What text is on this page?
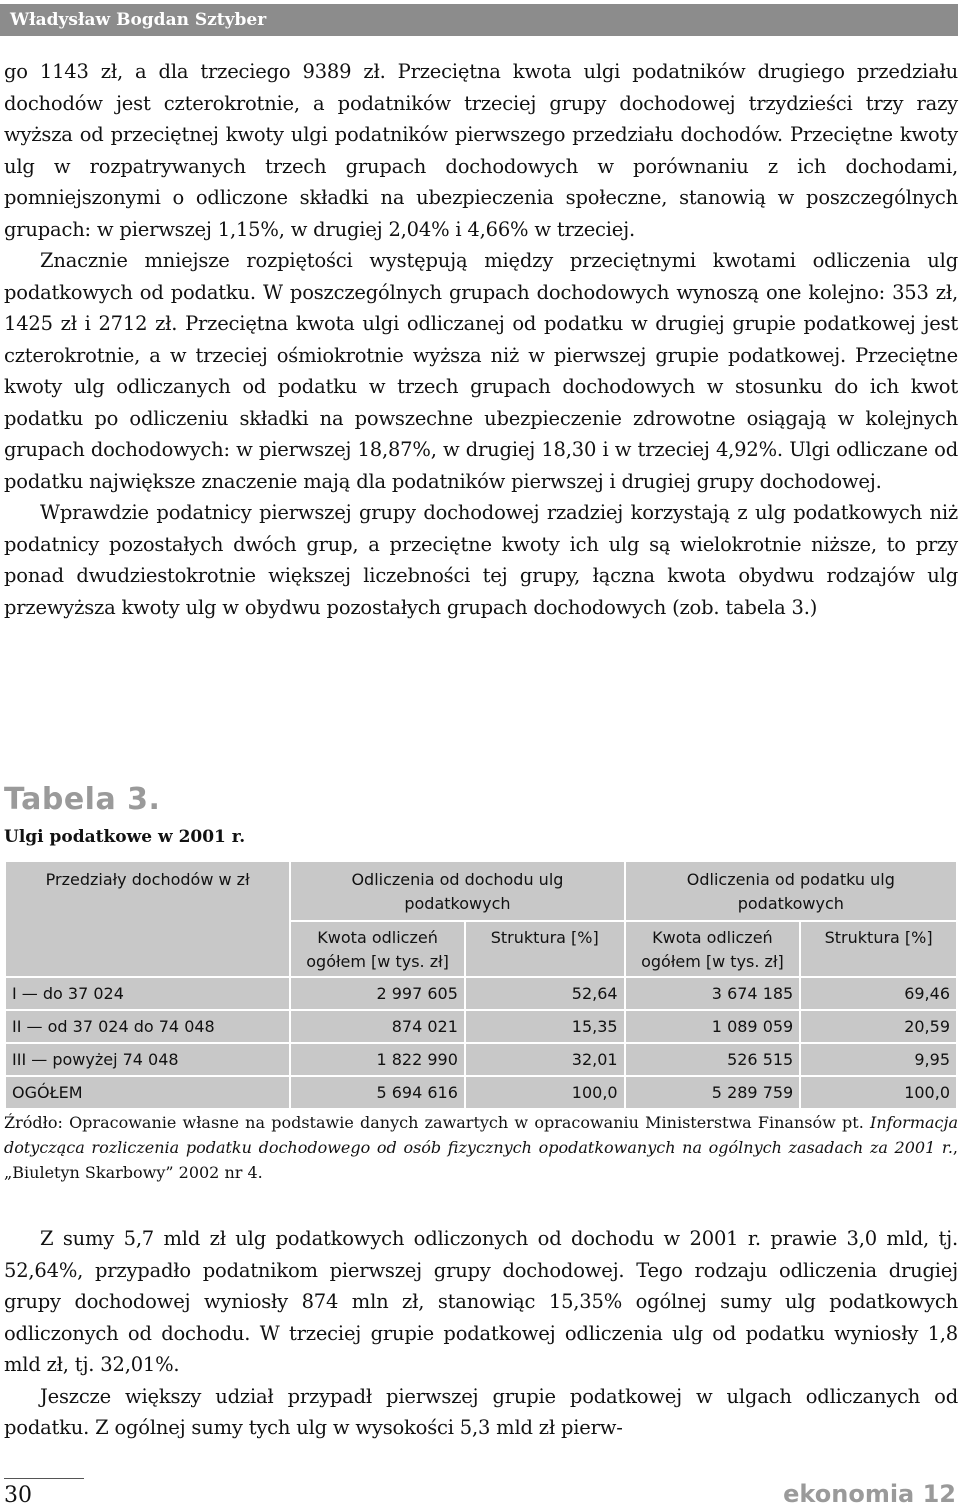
Władysław Bogdan Sztyber

go 1143 zł, a dla trzeciego 9389 zł. Przeciętna kwota ulgi podatników drugiego przedziału dochodów jest czterokrotnie, a podatników trzeciej grupy dochodowej trzydzieści trzy razy wyższa od przeciętnej kwoty ulgi podatników pierwszego przedziału dochodów. Przeciętne kwoty ulg w rozpatrywanych trzech grupach dochodowych w porównaniu z ich dochodami, pomniejszonymi o odliczone składki na ubezpieczenia społeczne, stanowią w poszczególnych grupach: w pierwszej 1,15%, w drugiej 2,04% i 4,66% w trzeciej.

Znacznie mniejsze rozpiętości występują między przeciętnymi kwotami odliczenia ulg podatkowych od podatku. W poszczególnych grupach dochodowych wynoszą one kolejno: 353 zł, 1425 zł i 2712 zł. Przeciętna kwota ulgi odliczanej od podatku w drugiej grupie podatkowej jest czterokrotnie, a w trzeciej ośmiokrotnie wyższa niż w pierwszej grupie podatkowej. Przeciętne kwoty ulg odliczanych od podatku w trzech grupach dochodowych w stosunku do ich kwot podatku po odliczeniu składki na powszechne ubezpieczenie zdrowotne osiągają w kolejnych grupach dochodowych: w pierwszej 18,87%, w drugiej 18,30 i w trzeciej 4,92%. Ulgi odliczane od podatku największe znaczenie mają dla podatników pierwszej i drugiej grupy dochodowej.

Wprawdzie podatnicy pierwszej grupy dochodowej rzadziej korzystają z ulg podatkowych niż podatnicy pozostałych dwóch grup, a przeciętne kwoty ich ulg są wielokrotnie niższe, to przy ponad dwudziestokrotnie większej liczebności tej grupy, łączna kwota obydwu rodzajów ulg przewyższa kwoty ulg w obydwu pozostałych grupach dochodowych (zob. tabela 3.)

Tabela 3.
Ulgi podatkowe w 2001 r.
Przedziały dochodów w zł	Odliczenia od dochodu ulg podatkowych		Odliczenia od podatku ulg podatkowych	
	Kwota odliczeń ogółem [w tys. zł]	Struktura [%]	Kwota odliczeń ogółem [w tys. zł]	Struktura [%]
I — do 37 024	2 997 605	52,64	3 674 185	69,46
II — od 37 024 do 74 048	874 021	15,35	1 089 059	20,59
III — powyżej 74 048	1 822 990	32,01	526 515	9,95
OGÓŁEM	5 694 616	100,0	5 289 759	100,0
Źródło: Opracowanie własne na podstawie danych zawartych w opracowaniu Ministerstwa Finansów pt. Informacja dotycząca rozliczenia podatku dochodowego od osób fizycznych opodatkowanych na ogólnych zasadach za 2001 r., „Biuletyn Skarbowy” 2002 nr 4.

Z sumy 5,7 mld zł ulg podatkowych odliczonych od dochodu w 2001 r. prawie 3,0 mld, tj. 52,64%, przypadło podatnikom pierwszej grupy dochodowej. Tego rodzaju odliczenia drugiej grupy dochodowej wyniosły 874 mln zł, stanowiąc 15,35% ogólnej sumy ulg podatkowych odliczonych od dochodu. W trzeciej grupie podatkowej odliczenia ulg od podatku wyniosły 1,8 mld zł, tj. 32,01%.

Jeszcze większy udział przypadł pierwszej grupie podatkowej w ulgach odliczanych od podatku. Z ogólnej sumy tych ulg w wysokości 5,3 mld zł pierw-

30	ekonomia 12
